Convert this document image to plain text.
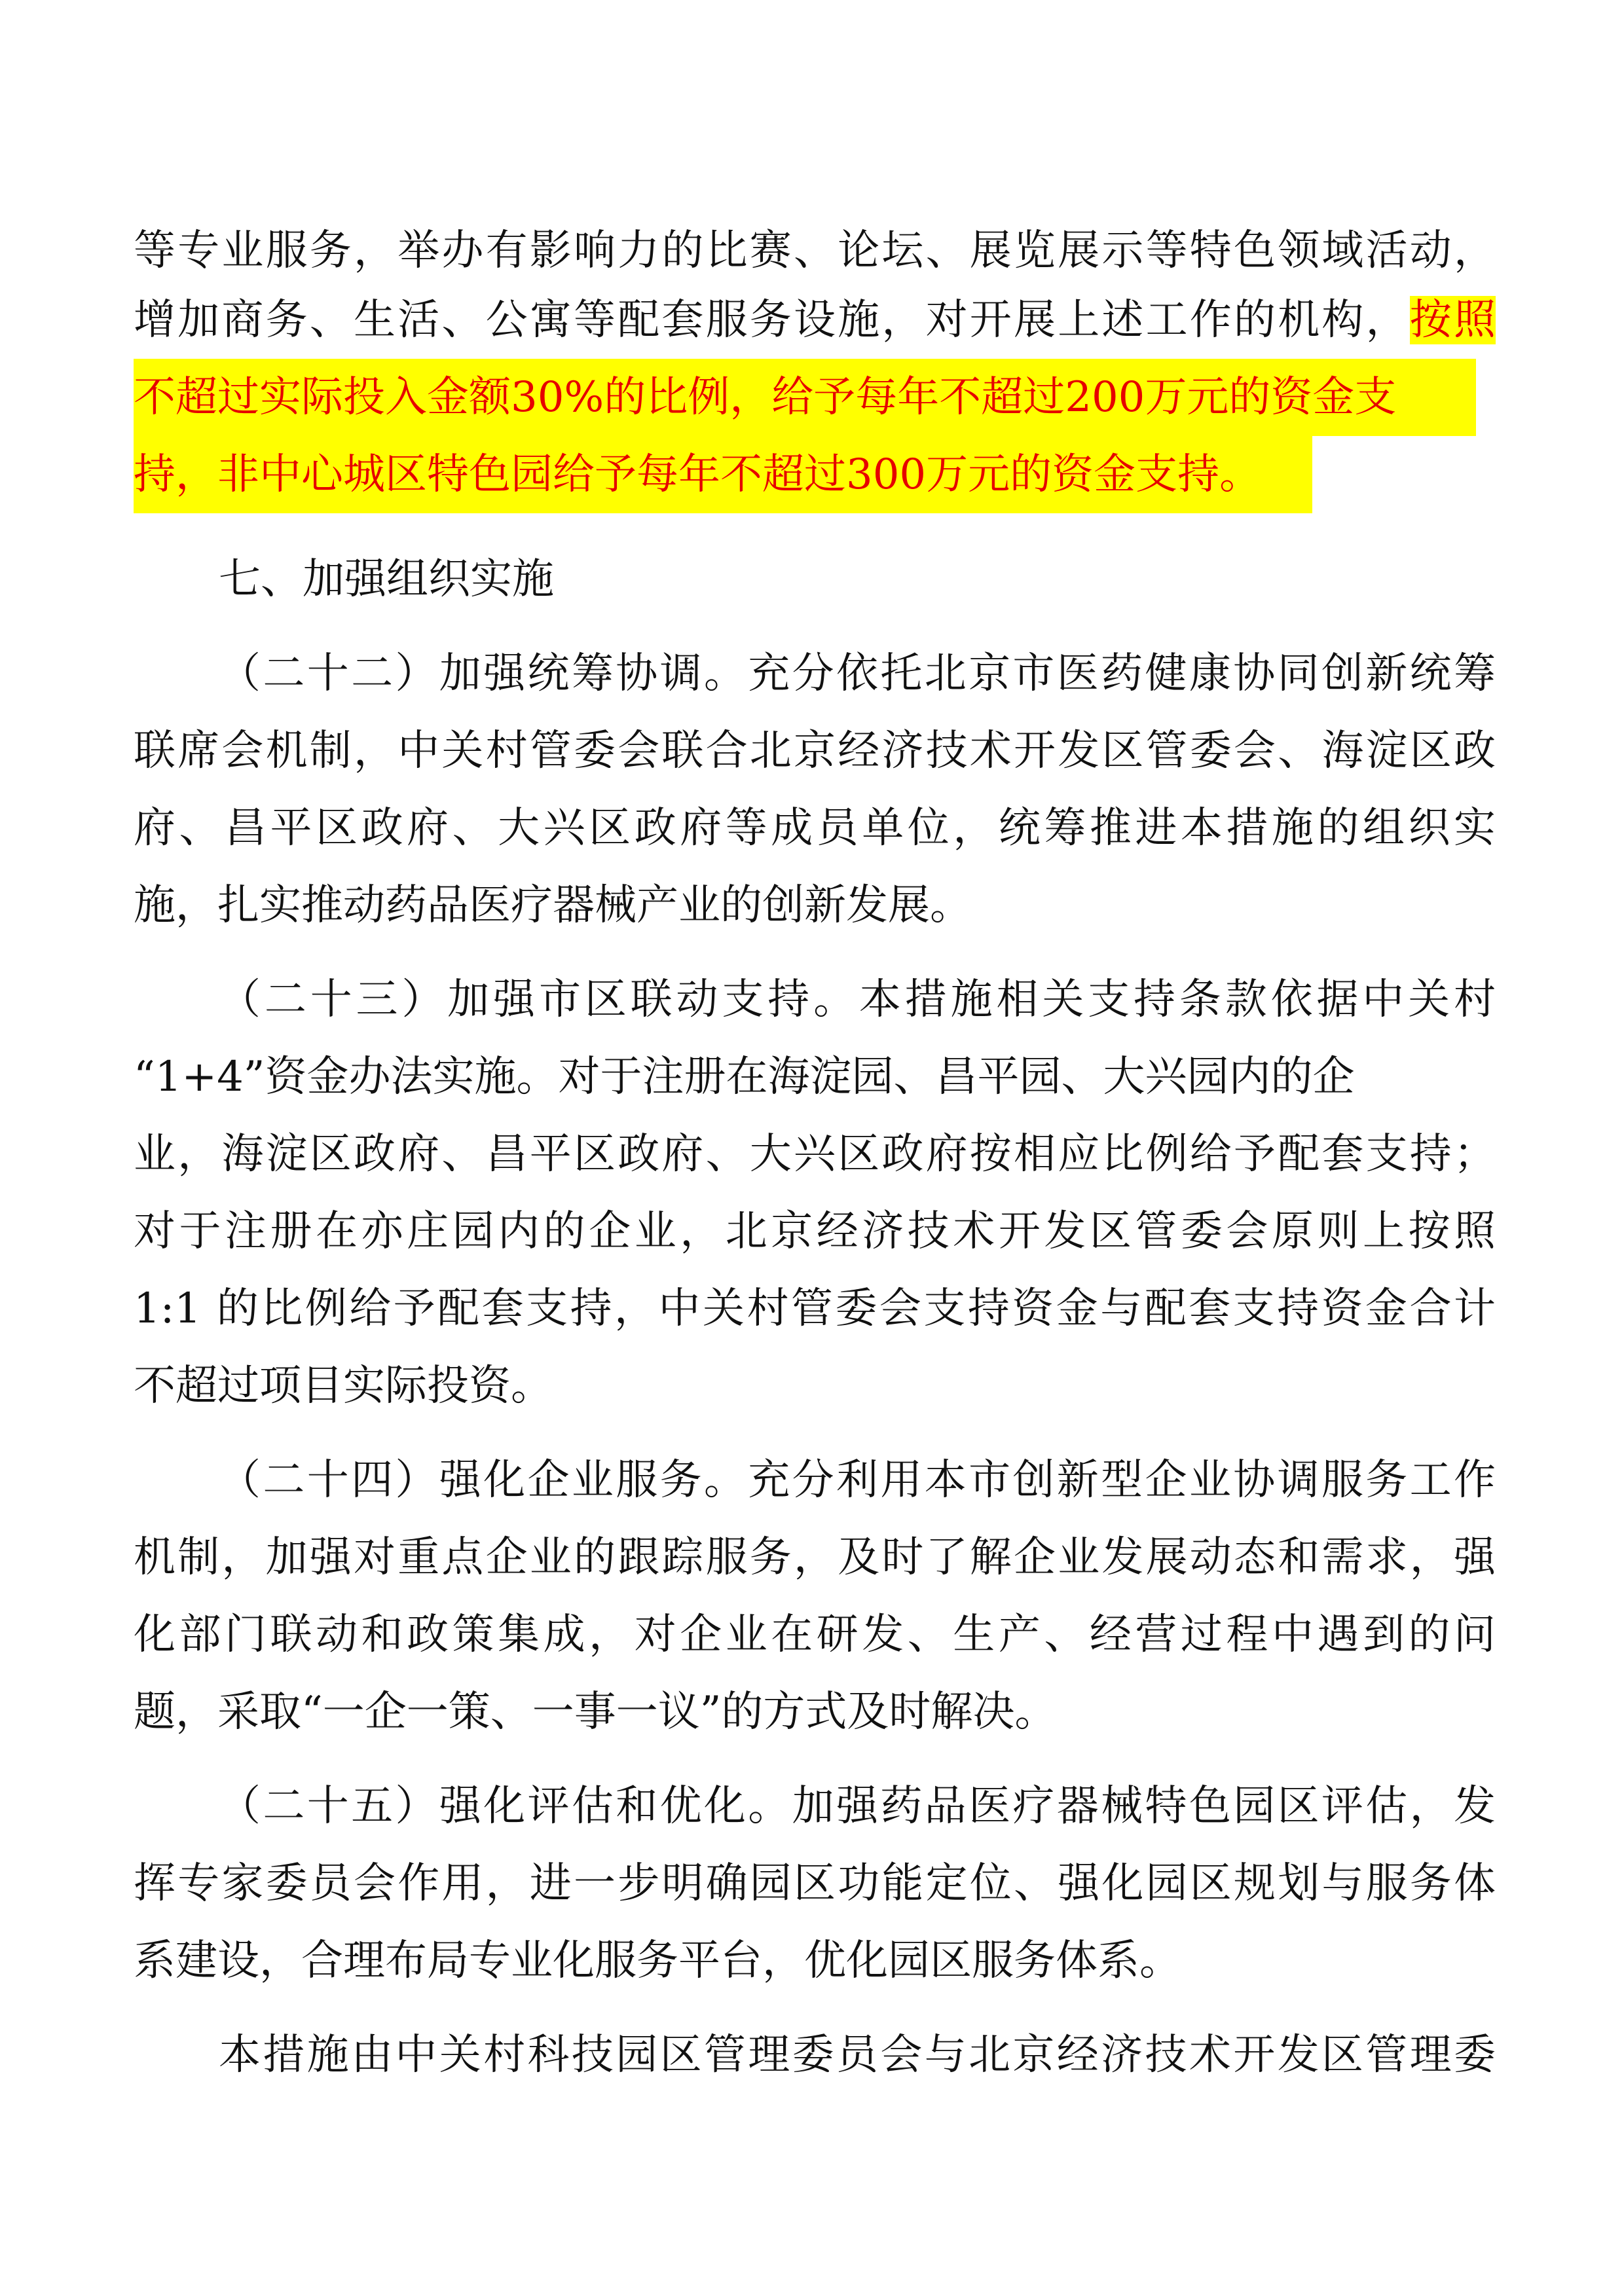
等专业服务，举办有影响力的比赛、论坛、展览展示等特色领域活动，
增加商务、生活、公寓等配套服务设施，对开展上述工作的机构，按照
不超过实际投入金额30%的比例，给予每年不超过200万元的资金支
持，非中心城区特色园给予每年不超过300万元的资金支持。
七、加强组织实施
（二十二）加强统筹协调。充分依托北京市医药健康协同创新统筹
联席会机制，中关村管委会联合北京经济技术开发区管委会、海淀区政
府、昌平区政府、大兴区政府等成员单位，统筹推进本措施的组织实
施，扎实推动药品医疗器械产业的创新发展。
（二十三）加强市区联动支持。本措施相关支持条款依据中关村
“1+4”资金办法实施。对于注册在海淀园、昌平园、大兴园内的企
业，海淀区政府、昌平区政府、大兴区政府按相应比例给予配套支持；
对于注册在亦庄园内的企业，北京经济技术开发区管委会原则上按照
1:1 的比例给予配套支持，中关村管委会支持资金与配套支持资金合计
不超过项目实际投资。
（二十四）强化企业服务。充分利用本市创新型企业协调服务工作
机制，加强对重点企业的跟踪服务，及时了解企业发展动态和需求，强
化部门联动和政策集成，对企业在研发、生产、经营过程中遇到的问
题，采取“一企一策、一事一议”的方式及时解决。
（二十五）强化评估和优化。加强药品医疗器械特色园区评估，发
挥专家委员会作用，进一步明确园区功能定位、强化园区规划与服务体
系建设，合理布局专业化服务平台，优化园区服务体系。
本措施由中关村科技园区管理委员会与北京经济技术开发区管理委
